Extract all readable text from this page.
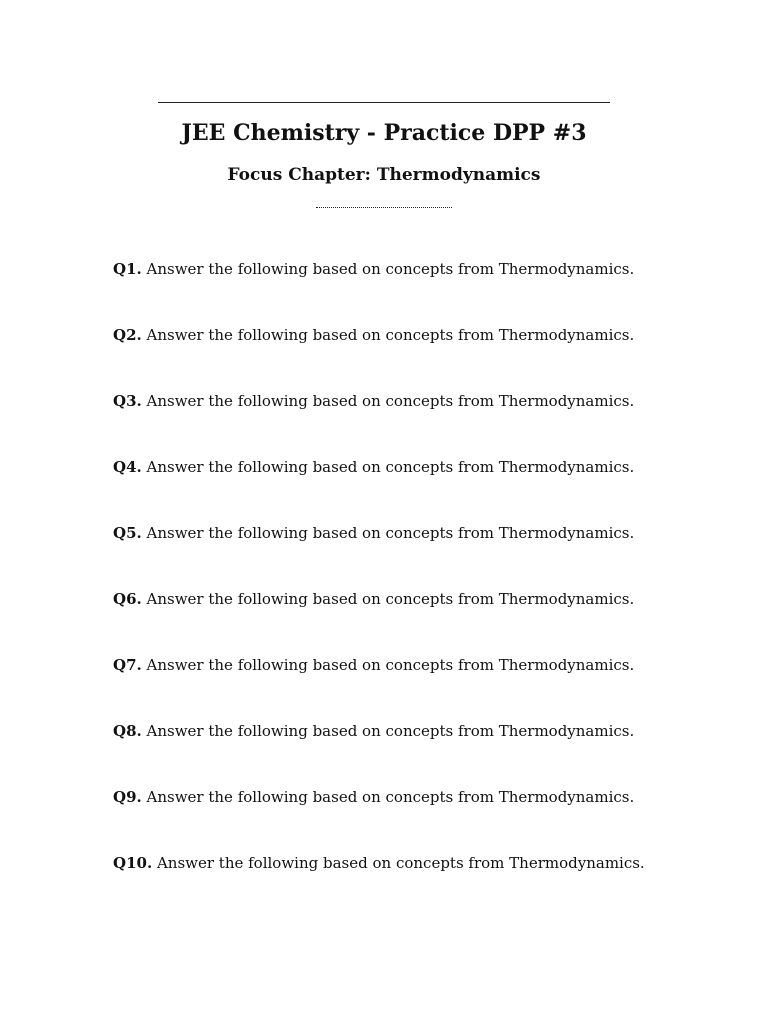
JEE Chemistry - Practice DPP #3
Focus Chapter: Thermodynamics
Q1. Answer the following based on concepts from Thermodynamics.
Q2. Answer the following based on concepts from Thermodynamics.
Q3. Answer the following based on concepts from Thermodynamics.
Q4. Answer the following based on concepts from Thermodynamics.
Q5. Answer the following based on concepts from Thermodynamics.
Q6. Answer the following based on concepts from Thermodynamics.
Q7. Answer the following based on concepts from Thermodynamics.
Q8. Answer the following based on concepts from Thermodynamics.
Q9. Answer the following based on concepts from Thermodynamics.
Q10. Answer the following based on concepts from Thermodynamics.
